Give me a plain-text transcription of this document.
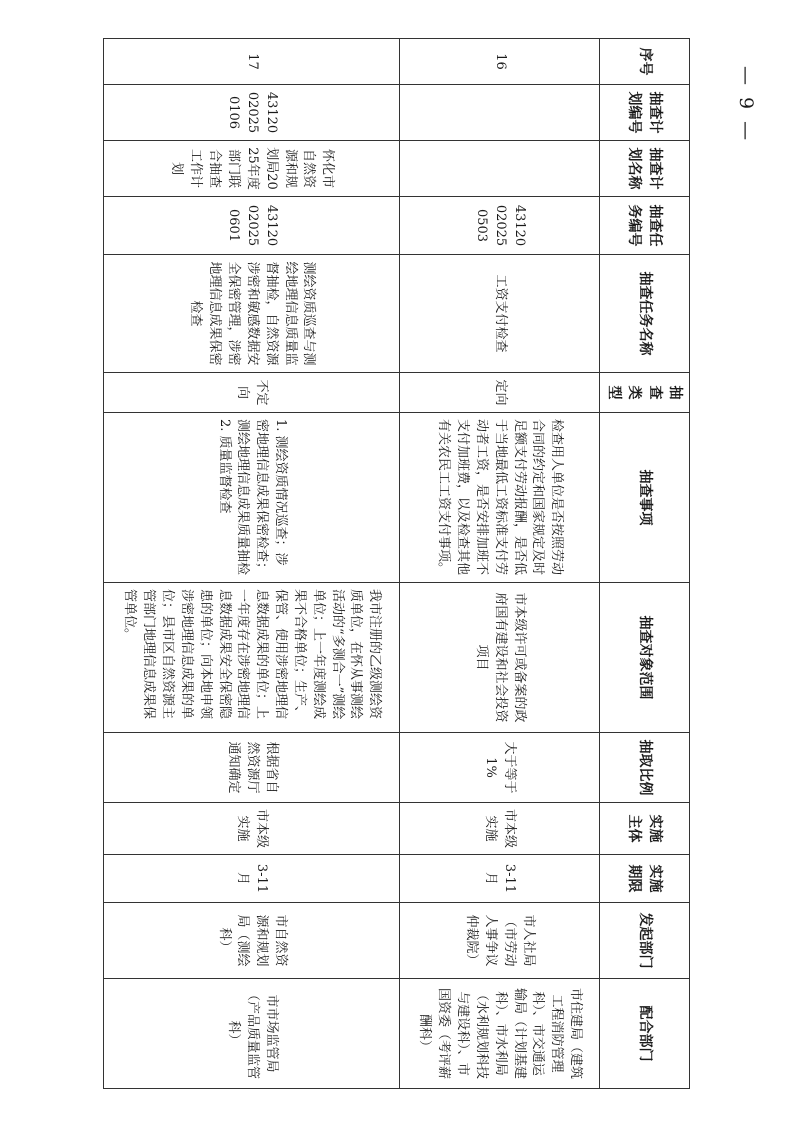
— 9 —
序号	抽查计划编号	抽查计划名称	抽查任务编号	抽查任务名称	抽查类型	抽查事项	抽查对象范围	抽取比例	实施主体	实施期限	发起部门	配合部门
16			43120020250503	工资支付检查	定向	检查用人单位是否按照劳动合同的约定和国家规定及时足额支付劳动报酬，是否低于当地最低工资标准支付劳动者工资，是否安排加班不支付加班费，以及检查其他有关农民工工资支付事项。	市本级许可或备案的政府国有建设和社会投资项目	大于等于1%	市本级实施	3-11月	市人社局（市劳动人事争议仲裁院）	市住建局（建筑工程消防管理科）、市交通运输局（计划基建科）、市水利局（水利规划科技与建设科）、市国资委（考评薪酬科）
17	43120020250106	怀化市自然资源和规划局2025年度部门联合抽查工作计划	43120020250601	测绘资质巡查与测绘地理信息质量监督抽检，自然资源涉密和敏感数据安全保密管理，涉密地理信息成果保密检查	不定向	1. 测绘资质情况巡查；涉密地理信息成果保密检查；测绘地理信息成果质量抽检
2. 质量监督检查	我市注册的乙级测绘资质单位，在怀从事测绘活动的“多测合一”测绘单位；上一年度测绘成果不合格单位；生产、保管、使用涉密地理信息数据成果的单位；上一年度存在涉密地理信息数据成果安全保密隐患的单位；向本地申领涉密地理信息成果的单位；县市区自然资源主管部门地理信息成果保管单位。	根据省自然资源厅通知确定	市本级实施	3-11月	市自然资源和规划局（测绘科）	市市场监管局（产品质量监管科）
